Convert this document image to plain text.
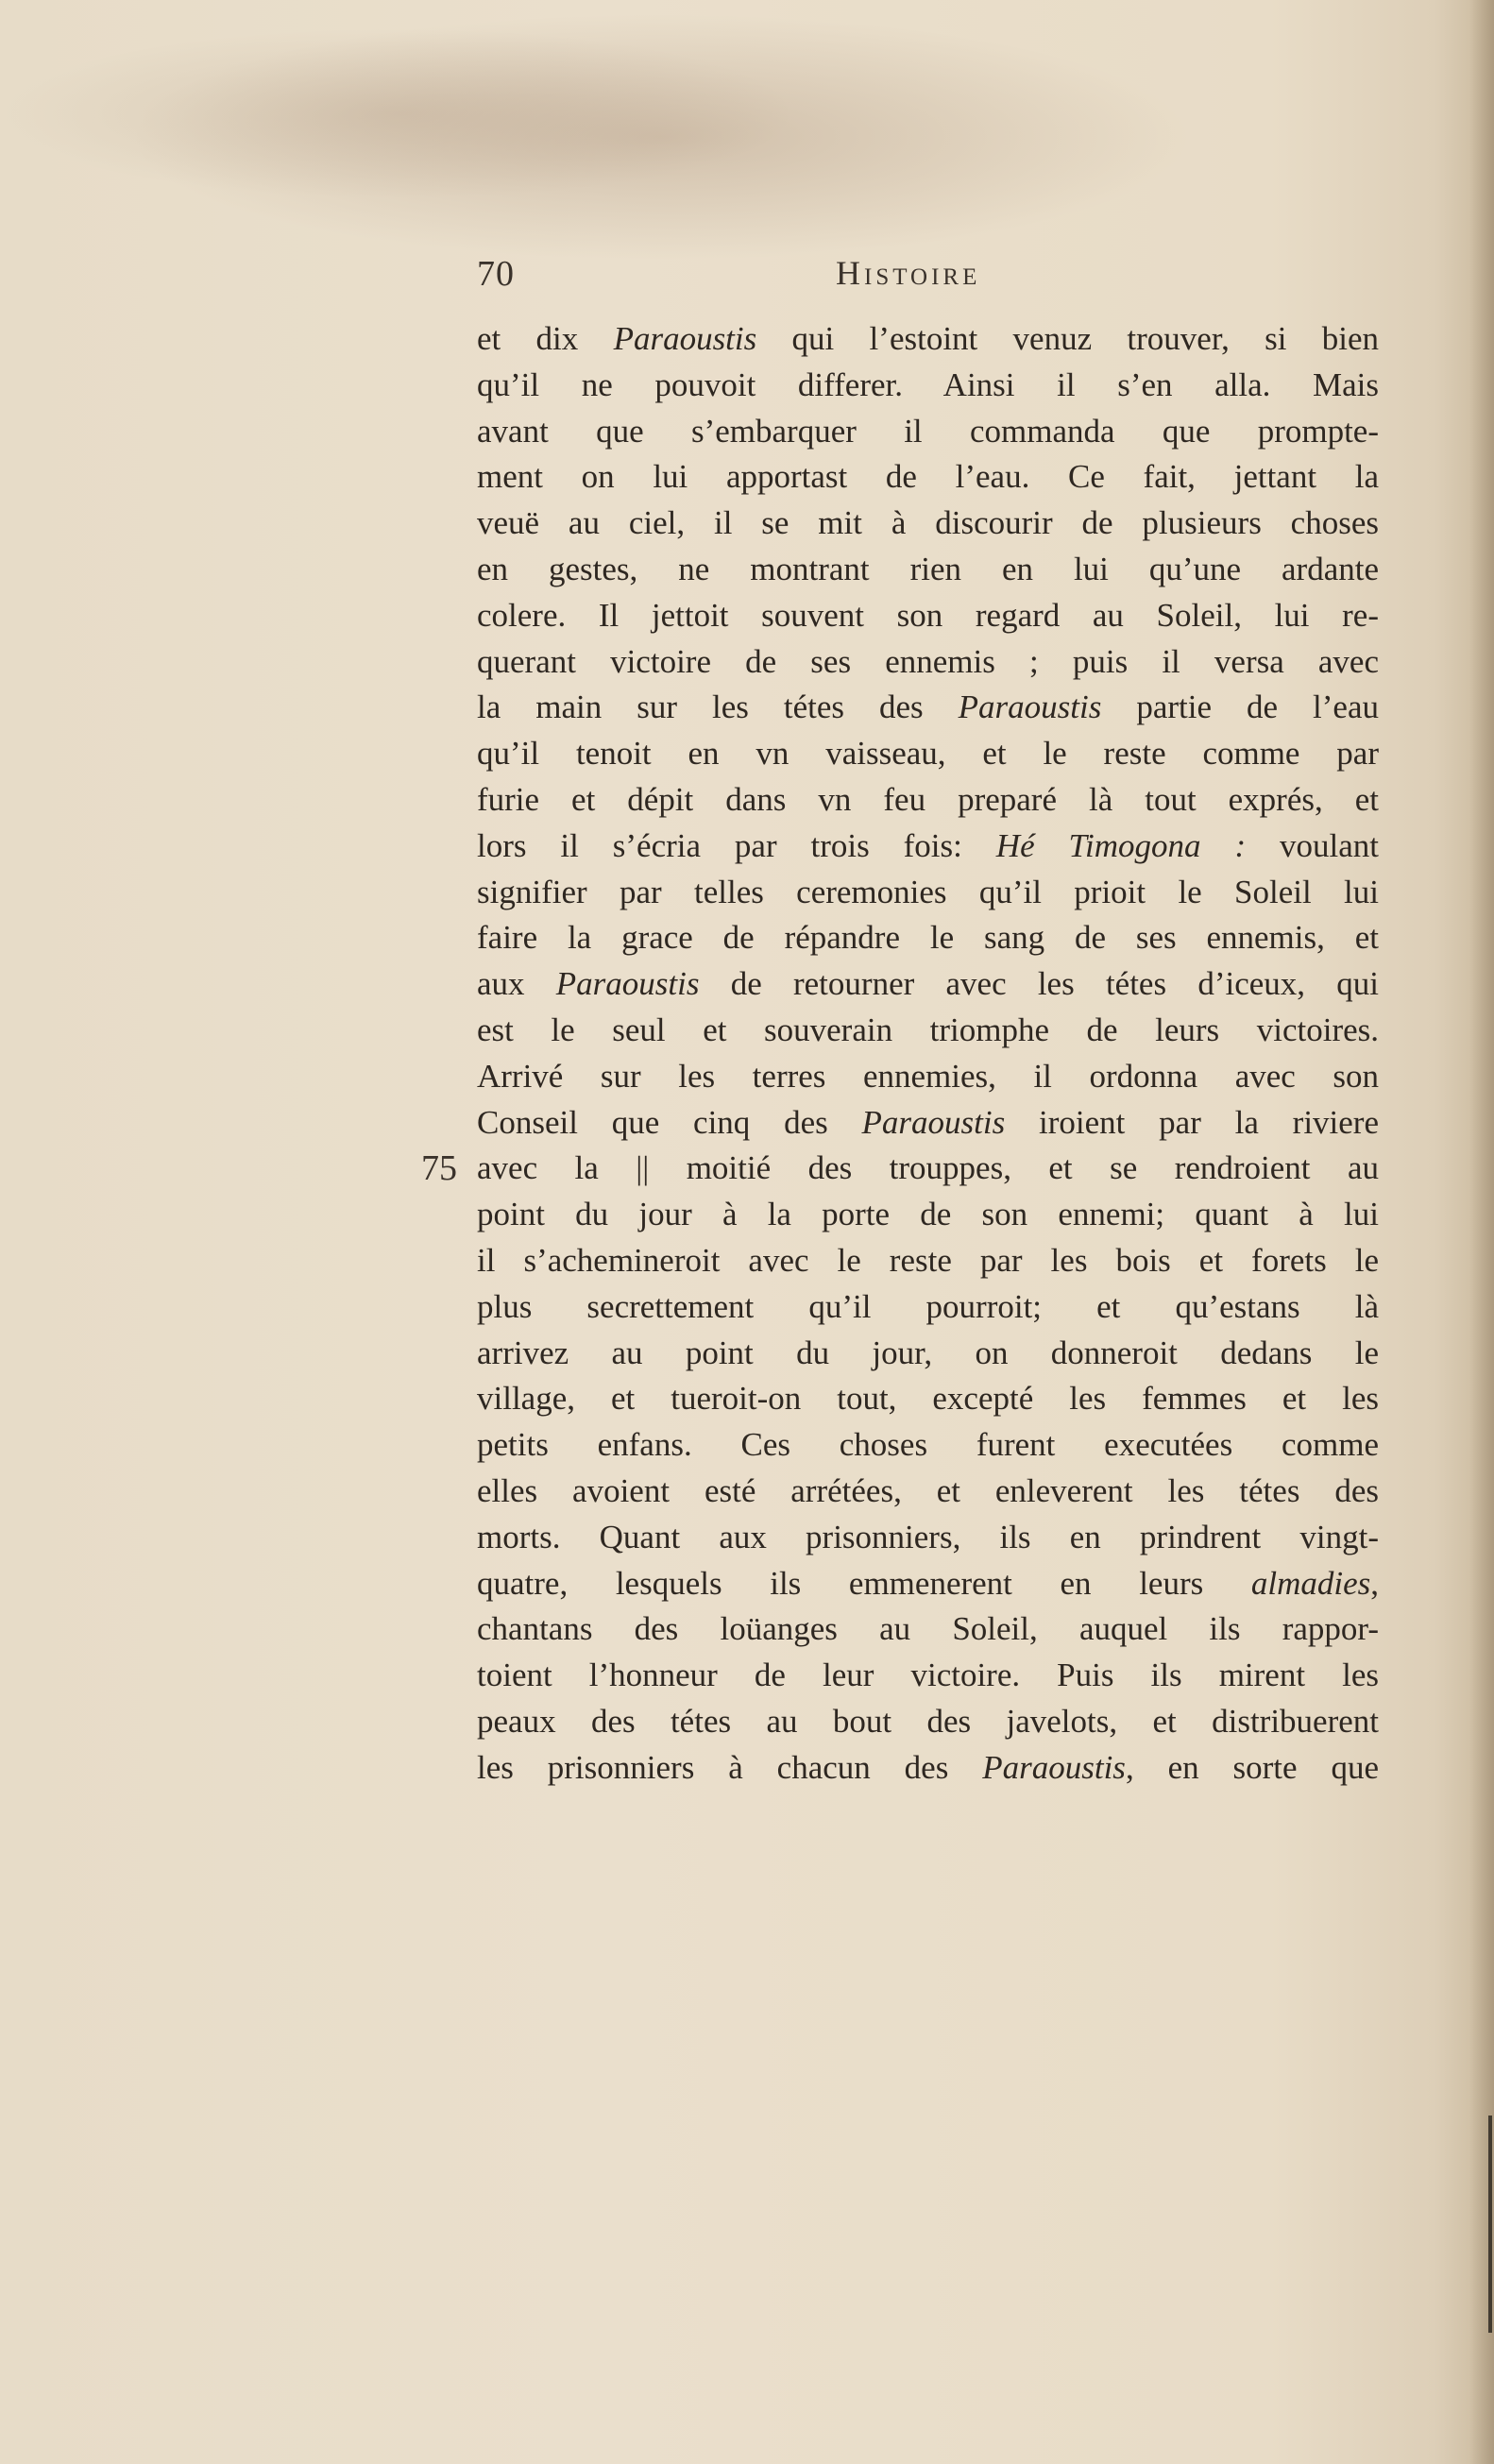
70	Histoire
75
et dix Paraoustis qui l’estoint venuz trouver, si bien
qu’il ne pouvoit differer. Ainsi il s’en alla. Mais
avant que s’embarquer il commanda que prompte-
ment on lui apportast de l’eau. Ce fait, jettant la
veuë au ciel, il se mit à discourir de plusieurs choses
en gestes, ne montrant rien en lui qu’une ardante
colere. Il jettoit souvent son regard au Soleil, lui re-
querant victoire de ses ennemis ; puis il versa avec
la main sur les tétes des Paraoustis partie de l’eau
qu’il tenoit en vn vaisseau, et le reste comme par
furie et dépit dans vn feu preparé là tout exprés, et
lors il s’écria par trois fois: Hé Timogona : voulant
signifier par telles ceremonies qu’il prioit le Soleil lui
faire la grace de répandre le sang de ses ennemis, et
aux Paraoustis de retourner avec les tétes d’iceux, qui
est le seul et souverain triomphe de leurs victoires.
Arrivé sur les terres ennemies, il ordonna avec son
Conseil que cinq des Paraoustis iroient par la riviere
avec la || moitié des trouppes, et se rendroient au
point du jour à la porte de son ennemi; quant à lui
il s’achemineroit avec le reste par les bois et forets le
plus secrettement qu’il pourroit; et qu’estans là
arrivez au point du jour, on donneroit dedans le
village, et tueroit-on tout, excepté les femmes et les
petits enfans. Ces choses furent executées comme
elles avoient esté arrétées, et enleverent les tétes des
morts. Quant aux prisonniers, ils en prindrent vingt-
quatre, lesquels ils emmenerent en leurs almadies,
chantans des loüanges au Soleil, auquel ils rappor-
toient l’honneur de leur victoire. Puis ils mirent les
peaux des tétes au bout des javelots, et distribuerent
les prisonniers à chacun des Paraoustis, en sorte que
